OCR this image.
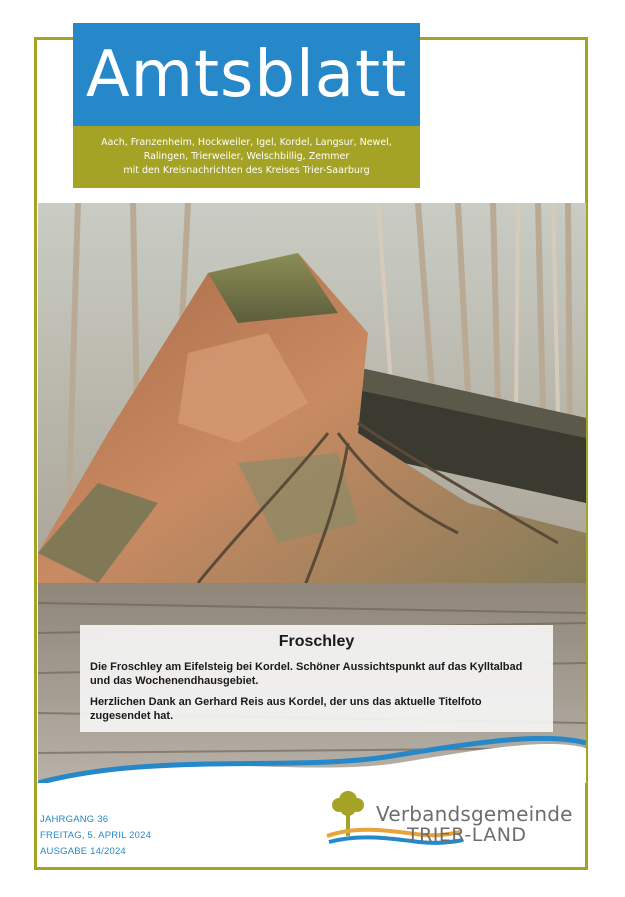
Amtsblatt
Aach, Franzenheim, Hockweiler, Igel, Kordel, Langsur, Newel,
Ralingen, Trierweiler, Welschbillig, Zemmer
mit den Kreisnachrichten des Kreises Trier-Saarburg
Froschley

Die Froschley am Eifelsteig bei Kordel. Schöner Aussichtspunkt auf das Kylltalbad und das Wochenendhausgebiet.

Herzlichen Dank an Gerhard Reis aus Kordel, der uns das aktuelle Titelfoto zugesendet hat.

JAHRGANG 36
FREITAG, 5. APRIL 2024
AUSGABE 14/2024
Verbandsgemeinde
TRIER-LAND
